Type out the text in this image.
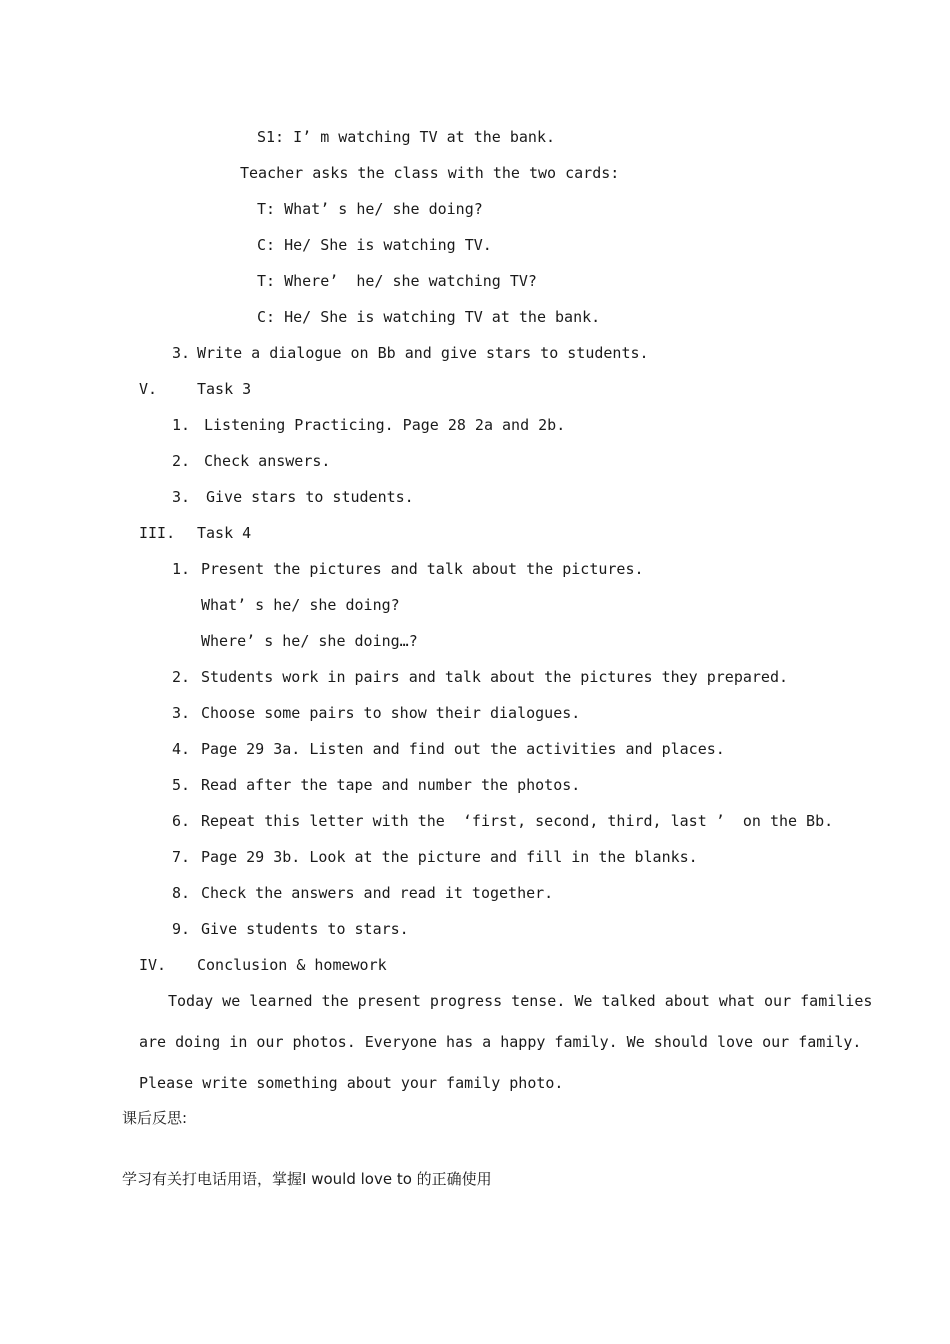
S1: I’ m watching TV at the bank.
Teacher asks the class with the two cards:
T: What’ s he/ she doing?
C: He/ She is watching TV.
T: Where’  he/ she watching TV?
C: He/ She is watching TV at the bank.
3. Write a dialogue on Bb and give stars to students.
V.	Task 3
1. Listening Practicing. Page 28 2a and 2b.
2. Check answers.
3. Give stars to students.
III. Task 4
1. Present the pictures and talk about the pictures.
What’ s he/ she doing?
Where’ s he/ she doing…?
2. Students work in pairs and talk about the pictures they prepared.
3. Choose some pairs to show their dialogues.
4. Page 29 3a. Listen and find out the activities and places.
5. Read after the tape and number the photos.
6. Repeat this letter with the  ‘first, second, third, last ’  on the Bb.
7. Page 29 3b. Look at the picture and fill in the blanks.
8. Check the answers and read it together.
9. Give students to stars.
IV. Conclusion & homework
Today we learned the present progress tense. We talked about what our families
are doing in our photos. Everyone has a happy family. We should love our family.
Please write something about your family photo.
课后反思:
学习有关打电话用语，掌握I would love to 的正确使用
